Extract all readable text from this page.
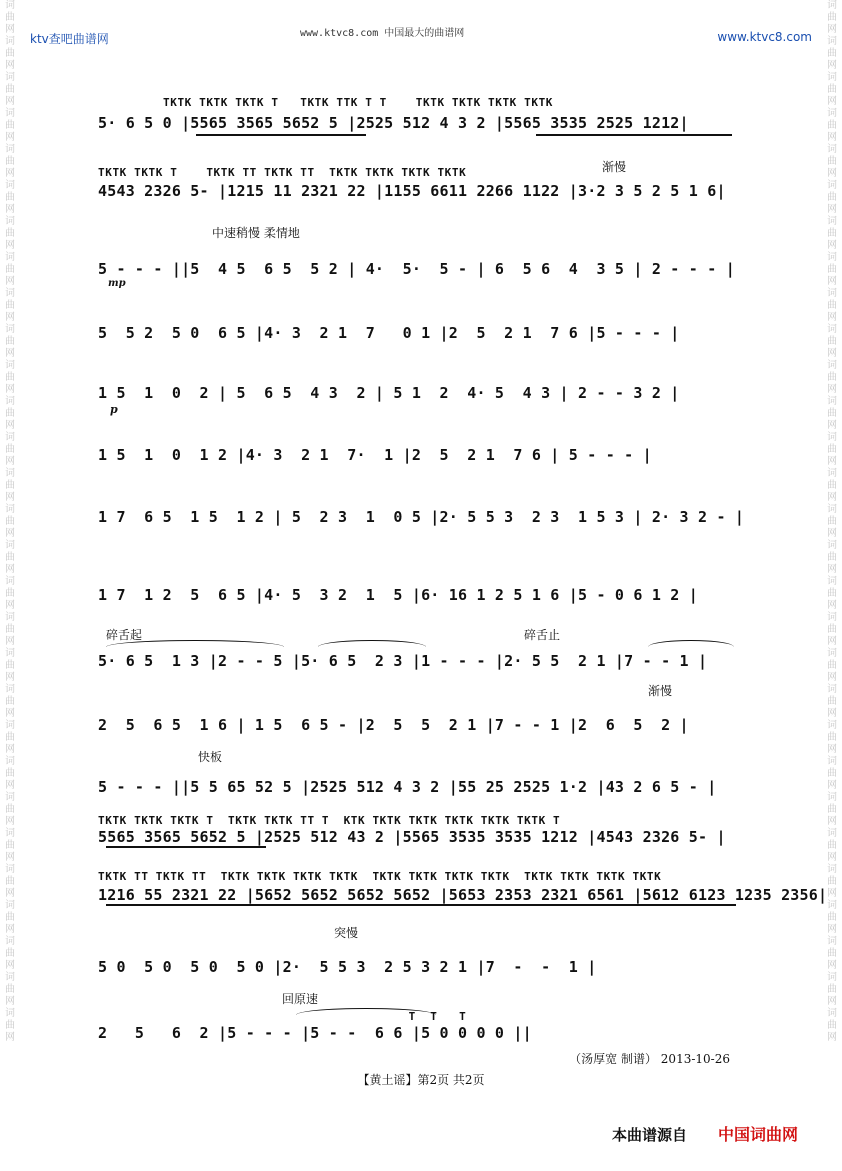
词曲网词曲网词曲网词曲网词曲网词曲网词曲网词曲网词曲网词曲网词曲网词曲网词曲网词曲网词曲网词曲网词曲网词曲网词曲网词曲网词曲网词曲网词曲网词曲网词曲网词曲网词曲网词曲网词曲网
词曲网词曲网词曲网词曲网词曲网词曲网词曲网词曲网词曲网词曲网词曲网词曲网词曲网词曲网词曲网词曲网词曲网词曲网词曲网词曲网词曲网词曲网词曲网词曲网词曲网词曲网词曲网词曲网词曲网
ktv查吧曲谱网	www.ktvc8.com 中国最大的曲谱网	www.ktvc8.com
渐慢
中速稍慢 柔情地
mp
p
碎舌起	碎舌止
渐慢
快板
突慢
回原速
TKTK TKTK TKTK T   TKTK TTK T T    TKTK TKTK TKTK TKTK
5· 6 5 0 |5565 3565 5652 5 |2525 512 4 3 2 |5565 3535 2525 1212|
TKTK TKTK T    TKTK TT TKTK TT  TKTK TKTK TKTK TKTK
4543 2326 5- |1215 11 2321 22 |1155 6611 2266 1122 |3·2 3 5 2 5 1 6|
5 - - - ||5  4 5  6 5  5 2 | 4·  5·  5 - | 6  5 6  4  3 5 | 2 - - - |
5  5 2  5 0  6 5 |4· 3  2 1  7   0 1 |2  5  2 1  7 6 |5 - - - |
1 5  1  0  2 | 5  6 5  4 3  2 | 5 1  2  4· 5  4 3 | 2 - - 3 2 |
1 5  1  0  1 2 |4· 3  2 1  7·  1 |2  5  2 1  7 6 | 5 - - - |
1 7  6 5  1 5  1 2 | 5  2 3  1  0 5 |2· 5 5 3  2 3  1 5 3 | 2· 3 2 - |
1 7  1 2  5  6 5 |4· 5  3 2  1  5 |6· 16 1 2 5 1 6 |5 - 0 6 1 2 |
5· 6 5  1 3 |2 - - 5 |5· 6 5  2 3 |1 - - - |2· 5 5  2 1 |7 - - 1 |
2  5  6 5  1 6 | 1 5  6 5 - |2  5  5  2 1 |7 - - 1 |2  6  5  2 |
5 - - - ||5 5 65 52 5 |2525 512 4 3 2 |55 25 2525 1·2 |43 2 6 5 - |
TKTK TKTK TKTK T  TKTK TKTK TT T  KTK TKTK TKTK TKTK TKTK TKTK T
5565 3565 5652 5 |2525 512 43 2 |5565 3535 3535 1212 |4543 2326 5- |
TKTK TT TKTK TT  TKTK TKTK TKTK TKTK  TKTK TKTK TKTK TKTK  TKTK TKTK TKTK TKTK
1216 55 2321 22 |5652 5652 5652 5652 |5653 2353 2321 6561 |5612 6123 1235 2356|
5 0  5 0  5 0  5 0 |2·  5 5 3  2 5 3 2 1 |7  -  -  1 |
T  T   T
2   5   6  2 |5 - - - |5 - -  6 6 |5 0 0 0 0 ||
（汤厚宽 制谱） 2013-10-26
【黄土谣】第2页 共2页
本曲谱源自 中国词曲网
